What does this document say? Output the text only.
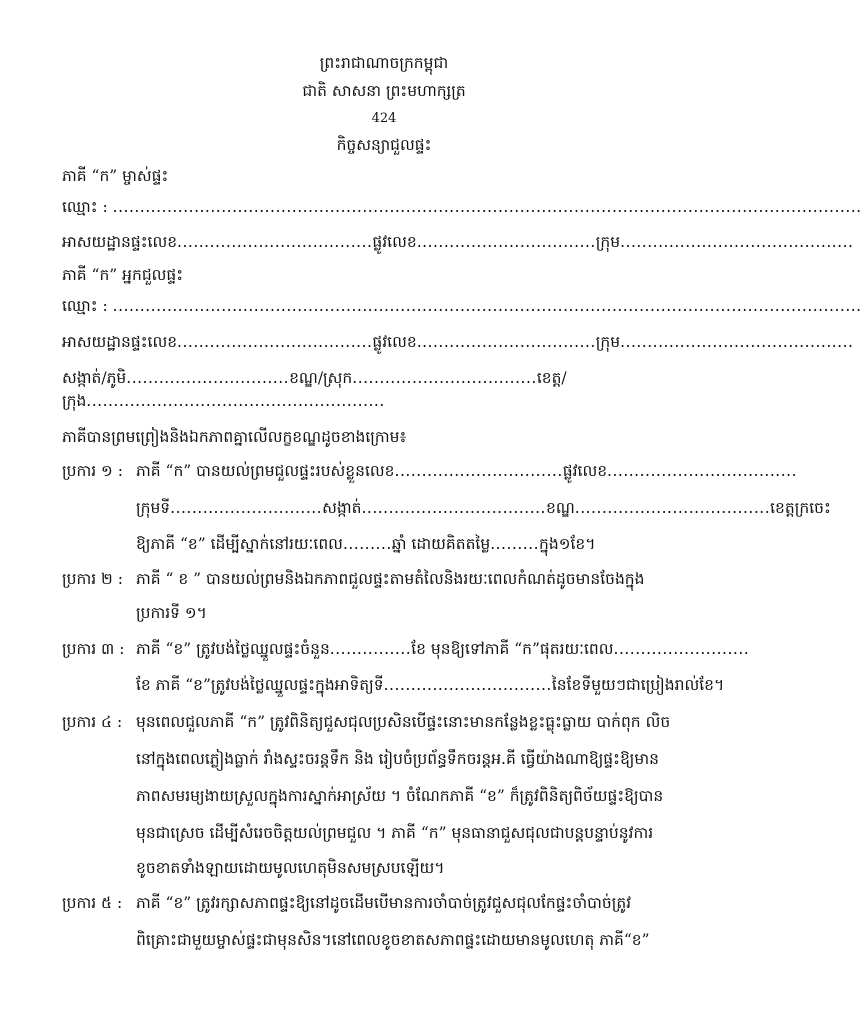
ព្រះរាជាណាចក្រកម្ពុជា
ជាតិ សាសនា ព្រះមហាក្សត្រ
424
កិច្ចសន្យាជួលផ្ទះ
ភាគី “ក” ម្ចាស់ផ្ទះ
ឈ្មោះ : ..........................................................................................................................................
អាសយដ្ឋានផ្ទះលេខ....................................ផ្លូវលេខ.................................ក្រុម...........................................
ភាគី “ក” អ្នកជួលផ្ទះ
ឈ្មោះ : ..........................................................................................................................................
អាសយដ្ឋានផ្ទះលេខ....................................ផ្លូវលេខ.................................ក្រុម...........................................
សង្កាត់/ភូមិ..............................ខណ្ឌ/ស្រុក..................................ខេត្ត/
ក្រុង.......................................................
ភាគីបានព្រមព្រៀងនិងឯកភាពគ្នាលើលក្ខខណ្ឌដូចខាងក្រោម៖
ប្រការ ១ : ភាគី “ក” បានយល់ព្រមជួលផ្ទះរបស់ខ្លួនលេខ...............................ផ្លូវលេខ...................................
ក្រុមទី............................សង្កាត់..................................ខណ្ឌ....................................ខេត្តក្រចេះ
ឱ្យភាគី “ខ” ដើម្បីស្នាក់នៅរយៈពេល.........ឆ្នាំ ដោយគិតតម្លៃ.........ក្នុង១ខែ។
ប្រការ ២ : ភាគី “ ខ ” បានយល់ព្រមនិងឯកភាពជួលផ្ទះតាមតំលៃនិងរយៈពេលកំណត់ដូចមានចែងក្នុង
ប្រការទី ១។
ប្រការ ៣ : ភាគី “ខ” ត្រូវបង់ថ្លៃឈ្នួលផ្ទះចំនួន...............ខែ មុនឱ្យទៅភាគី “ក”ផុតរយៈពេល.........................
ខែ ភាគី “ខ”ត្រូវបង់ថ្លៃឈ្នួលផ្ទះក្នុងអាទិត្យទី...............................នៃខែទីមួយៗជាប្រៀងរាល់ខែ។
ប្រការ ៤ : មុនពេលជួលភាគី “ក” ត្រូវពិនិត្យជួសជុលប្រសិនបើផ្ទះនោះមានកន្លែងខ្លះធ្លុះធ្លាយ បាក់ពុក លិច
នៅក្នុងពេលភ្លៀងធ្លាក់ រាំងស្ទះចរន្តទឹក និង រៀបចំប្រព័ន្ធទឹកចរន្តអ.គី ធ្វើយ៉ាងណាឱ្យផ្ទះឱ្យមាន
ភាពសមរម្យងាយស្រួលក្នុងការស្នាក់អាស្រ័យ ។ ចំណែកភាគី “ខ” ក៏ត្រូវពិនិត្យពិច័យផ្ទះឱ្យបាន
មុនជាស្រេច ដើម្បីសំរេចចិត្តយល់ព្រមជួល ។ ភាគី “ក” មុនធានាជួសជុលជាបន្តបន្ទាប់នូវការ
ខូចខាតទាំងឡាយដោយមូលហេតុមិនសមស្របឡើយ។
ប្រការ ៥ : ភាគី “ខ” ត្រូវរក្សាសភាពផ្ទះឱ្យនៅដូចដើមបើមានការចាំបាច់ត្រូវជួសជុលកែផ្ទះចាំបាច់ត្រូវ
ពិគ្រោះជាមួយម្ចាស់ផ្ទះជាមុនសិន។នៅពេលខូចខាតសភាពផ្ទះដោយមានមូលហេតុ ភាគី“ខ”
